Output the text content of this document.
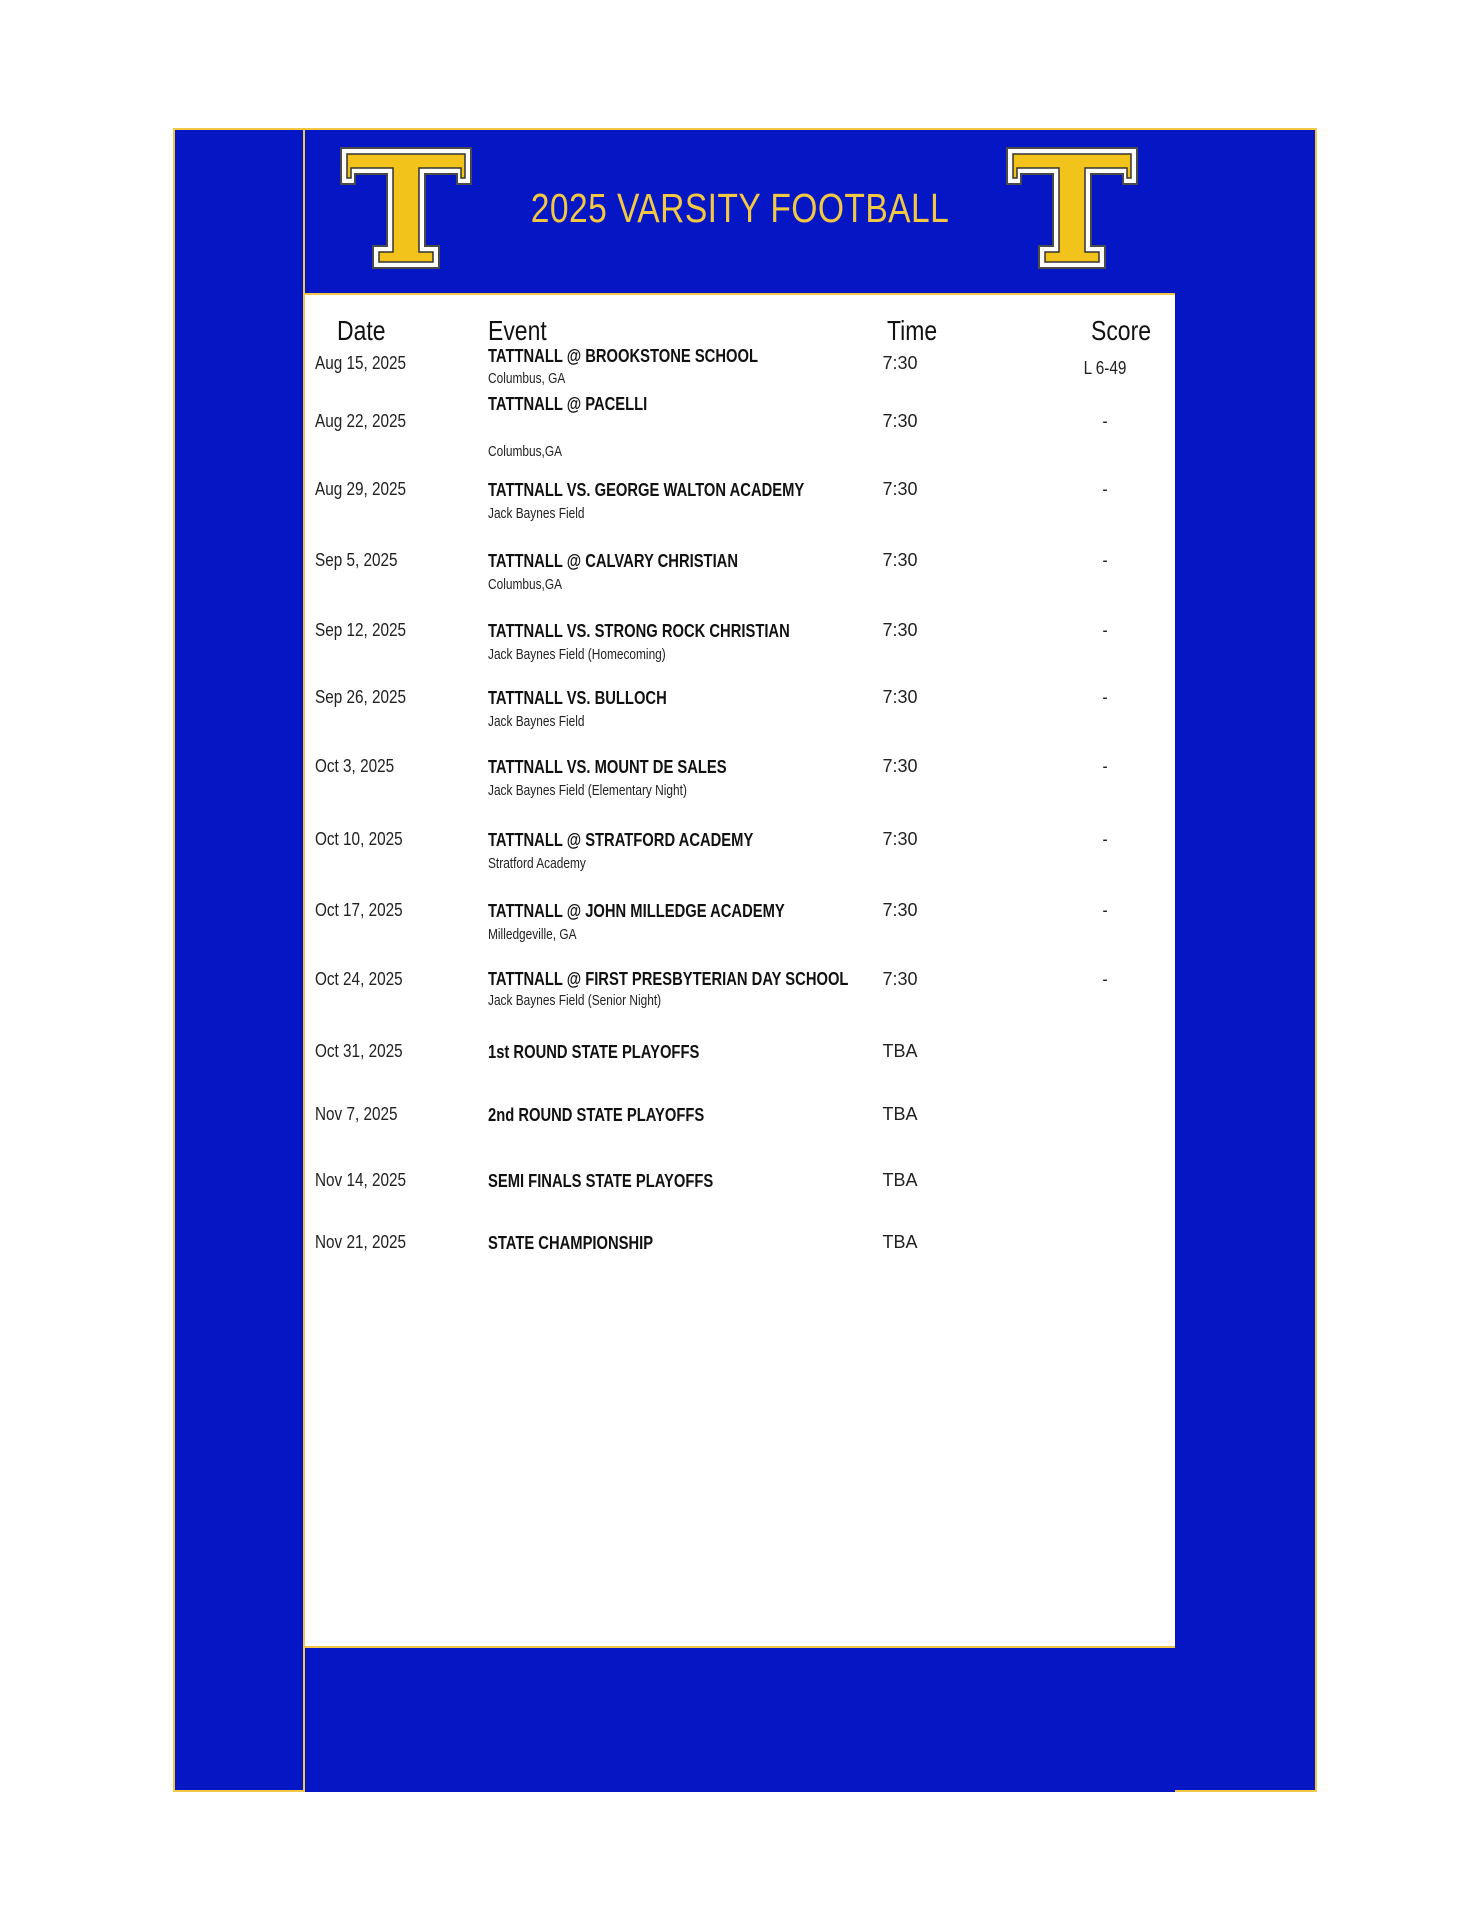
2025 VARSITY FOOTBALL
Date	Event	Time	Score
Aug 15, 2025	TATTNALL @ BROOKSTONE SCHOOL
Columbus, GA
7:30	L 6-49
Aug 22, 2025
TATTNALL @ PACELLI
Columbus,GA
7:30	-
Aug 29, 2025	TATTNALL VS. GEORGE WALTON ACADEMY
Jack Baynes Field
7:30	-
Sep 5, 2025	TATTNALL @ CALVARY CHRISTIAN
Columbus,GA
7:30	-
Sep 12, 2025	TATTNALL VS. STRONG ROCK CHRISTIAN
Jack Baynes Field (Homecoming)
7:30	-
Sep 26, 2025	TATTNALL VS. BULLOCH
Jack Baynes Field
7:30	-
Oct 3, 2025	TATTNALL VS. MOUNT DE SALES
Jack Baynes Field (Elementary Night)
7:30	-
Oct 10, 2025	TATTNALL @ STRATFORD ACADEMY
Stratford Academy
7:30	-
Oct 17, 2025	TATTNALL @ JOHN MILLEDGE ACADEMY
Milledgeville, GA
7:30	-
Oct 24, 2025	TATTNALL @ FIRST PRESBYTERIAN DAY SCHOOL
Jack Baynes Field (Senior Night)
7:30	-
Oct 31, 2025	1st ROUND STATE PLAYOFFS	TBA
Nov 7, 2025	2nd ROUND STATE PLAYOFFS	TBA
Nov 14, 2025	SEMI FINALS STATE PLAYOFFS	TBA
Nov 21, 2025	STATE CHAMPIONSHIP	TBA
